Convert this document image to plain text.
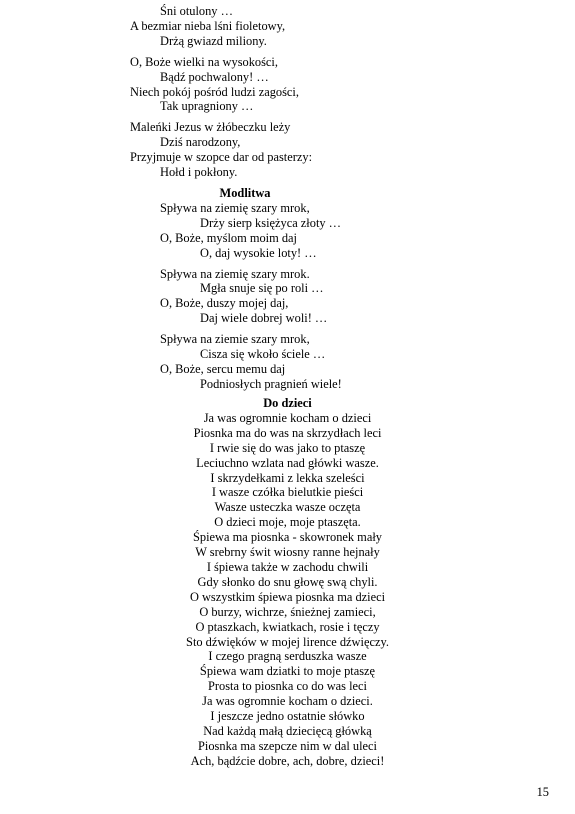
Śni otulony …
A bezmiar nieba lśni fioletowy,
Drżą gwiazd miliony.
O, Boże wielki na wysokości,
Bądź pochwalony! …
Niech pokój pośród ludzi zagości,
Tak upragniony …
Maleńki Jezus w żłóbeczku leży
Dziś narodzony,
Przyjmuje w szopce dar od pasterzy:
Hołd i pokłony.
Modlitwa
Spływa na ziemię szary mrok,
Drży sierp księżyca złoty …
O, Boże, myślom moim daj
O, daj wysokie loty! …
Spływa na ziemię szary mrok.
Mgła snuje się po roli …
O, Boże, duszy mojej daj,
Daj wiele dobrej woli! …
Spływa na ziemie szary mrok,
Cisza się wkoło ściele …
O, Boże, sercu memu daj
Podniosłych pragnień wiele!
Do dzieci
Ja was ogromnie kocham o dzieci
Piosnka ma do was na skrzydłach leci
I rwie się do was jako to ptaszę
Leciuchno wzlata nad główki wasze.
I skrzydełkami z lekka szeleści
I wasze czółka bielutkie pieści
Wasze usteczka wasze oczęta
O dzieci moje, moje ptaszęta.
Śpiewa ma piosnka - skowronek mały
W srebrny świt wiosny ranne hejnały
I śpiewa także w zachodu chwili
Gdy słonko do snu głowę swą chyli.
O wszystkim śpiewa piosnka ma dzieci
O burzy, wichrze, śnieżnej zamieci,
O ptaszkach, kwiatkach, rosie i tęczy
Sto dźwięków w mojej lirence dźwięczy.
I czego pragną serduszka wasze
Śpiewa wam dziatki to moje ptaszę
Prosta to piosnka co do was leci
Ja was ogromnie kocham o dzieci.
I jeszcze jedno ostatnie słówko
Nad każdą małą dziecięcą główką
Piosnka ma szepcze nim w dal uleci
Ach, bądźcie dobre, ach, dobre, dzieci!
15
